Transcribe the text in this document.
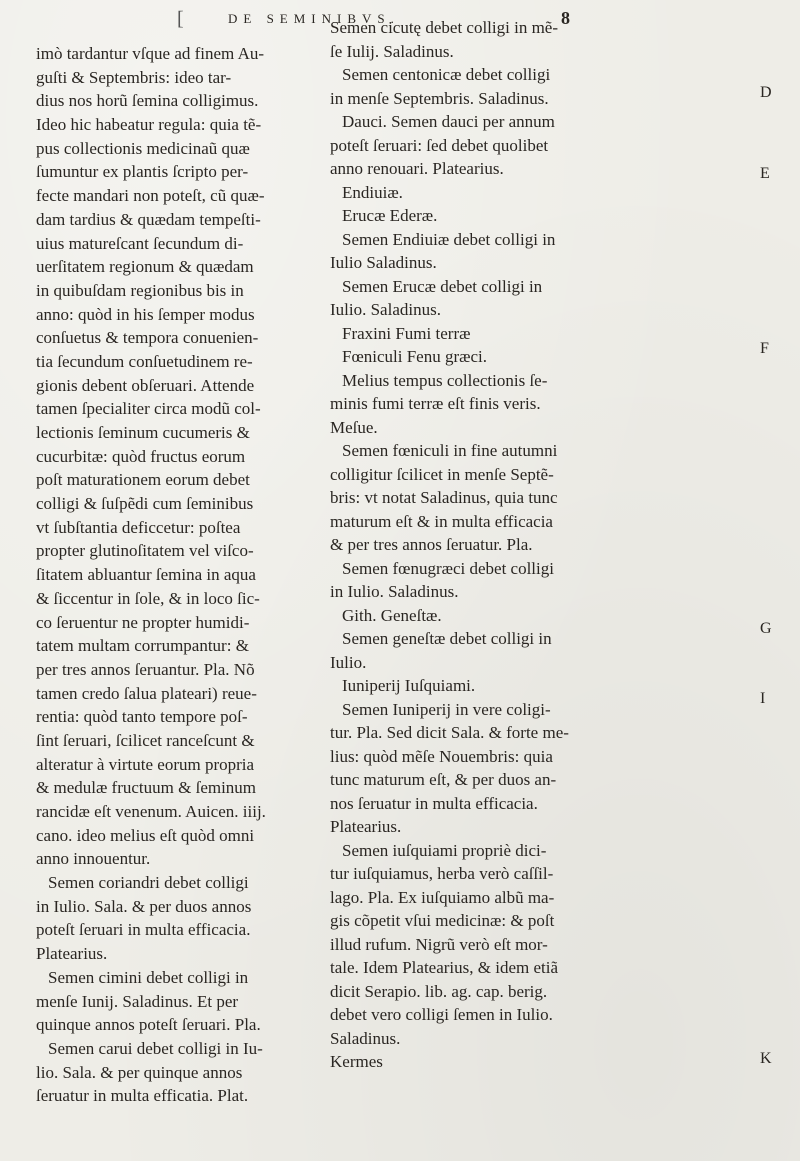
[	DE SEMINIBVS.	8
imò tardantur vſque ad finem Au-
guſti & Septembris: ideo tar-
dius nos horũ ſemina colligimus.
Ideo hic habeatur regula: quia tẽ-
pus collectionis medicinaũ quæ
ſumuntur ex plantis ſcripto per-
fecte mandari non poteſt, cũ quæ-
dam tardius & quædam tempeſti-
uius matureſcant ſecundum di-
uerſitatem regionum & quædam
in quibuſdam regionibus bis in
anno: quòd in his ſemper modus
conſuetus & tempora conuenien-
tia ſecundum conſuetudinem re-
gionis debent obſeruari. Attende
tamen ſpecialiter circa modũ col-
lectionis ſeminum cucumeris &
cucurbitæ: quòd fructus eorum
poſt maturationem eorum debet
colligi & ſuſpẽdi cum ſeminibus
vt ſubſtantia deficcetur: poſtea
propter glutinoſitatem vel viſco-
ſitatem abluantur ſemina in aqua
& ſiccentur in ſole, & in loco ſic-
co ſeruentur ne propter humidi-
tatem multam corrumpantur: &
per tres annos ſeruantur. Pla. Nõ
tamen credo ſalua plateari) reue-
rentia: quòd tanto tempore poſ-
ſint ſeruari, ſcilicet ranceſcunt &
alteratur à virtute eorum propria
& medulæ fructuum & ſeminum
rancidæ eſt venenum. Auicen. iiij.
cano. ideo melius eſt quòd omni
anno innouentur.
Semen coriandri debet colligi
in Iulio. Sala. & per duos annos
poteſt ſeruari in multa efficacia.
Platearius.
Semen cimini debet colligi in
menſe Iunij. Saladinus. Et per
quinque annos poteſt ſeruari. Pla.
Semen carui debet colligi in Iu-
lio. Sala. & per quinque annos
ſeruatur in multa efficatia. Plat.
Semen cicutę debet colligi in mẽ-
ſe Iulij. Saladinus.
Semen centonicæ debet colligi
in menſe Septembris. Saladinus.
Dauci. Semen dauci per annum
poteſt ſeruari: ſed debet quolibet
anno renouari. Platearius.
Endiuiæ.
Erucæ Ederæ.
Semen Endiuiæ debet colligi in
Iulio Saladinus.
Semen Erucæ debet colligi in
Iulio. Saladinus.
Fraxini Fumi terræ
Fœniculi Fenu græci.
Melius tempus collectionis ſe-
minis fumi terræ eſt finis veris.
Meſue.
Semen fœniculi in fine autumni
colligitur ſcilicet in menſe Septẽ-
bris: vt notat Saladinus, quia tunc
maturum eſt & in multa efficacia
& per tres annos ſeruatur. Pla.
Semen fœnugræci debet colligi
in Iulio. Saladinus.
Gith. Geneſtæ.
Semen geneſtæ debet colligi in
Iulio.
Iuniperij Iuſquiami.
Semen Iuniperij in vere coligi-
tur. Pla. Sed dicit Sala. & forte me-
lius: quòd mẽſe Nouembris: quia
tunc maturum eſt, & per duos an-
nos ſeruatur in multa efficacia.
Platearius.
Semen iuſquiami propriè dici-
tur iuſquiamus, herba verò caſſil-
lago. Pla. Ex iuſquiamo albũ ma-
gis cõpetit vſui medicinæ: & poſt
illud rufum. Nigrũ verò eſt mor-
tale. Idem Platearius, & idem etiã
dicit Serapio. lib. ag. cap. berig.
debet vero colligi ſemen in Iulio.
Saladinus.
Kermes
D
E
F
G
I
K
